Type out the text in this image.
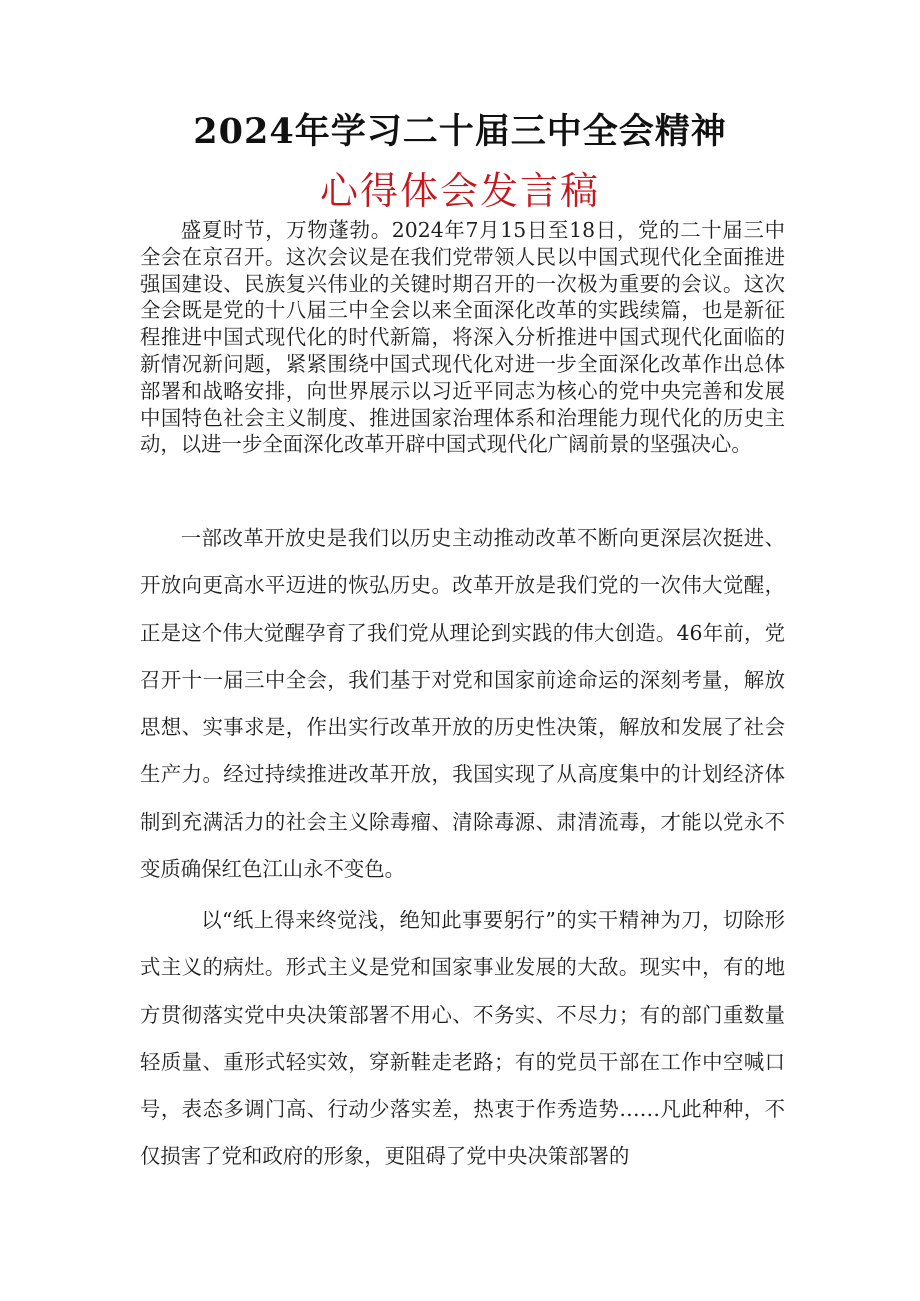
2024年学习二十届三中全会精神
心得体会发言稿

盛夏时节，万物蓬勃。2024年7月15日至18日，党的二十届三中全会在京召开。这次会议是在我们党带领人民以中国式现代化全面推进强国建设、民族复兴伟业的关键时期召开的一次极为重要的会议。这次全会既是党的十八届三中全会以来全面深化改革的实践续篇，也是新征程推进中国式现代化的时代新篇，将深入分析推进中国式现代化面临的新情况新问题，紧紧围绕中国式现代化对进一步全面深化改革作出总体部署和战略安排，向世界展示以习近平同志为核心的党中央完善和发展中国特色社会主义制度、推进国家治理体系和治理能力现代化的历史主动，以进一步全面深化改革开辟中国式现代化广阔前景的坚强决心。

一部改革开放史是我们以历史主动推动改革不断向更深层次挺进、开放向更高水平迈进的恢弘历史。改革开放是我们党的一次伟大觉醒，正是这个伟大觉醒孕育了我们党从理论到实践的伟大创造。46年前，党召开十一届三中全会，我们基于对党和国家前途命运的深刻考量，解放思想、实事求是，作出实行改革开放的历史性决策，解放和发展了社会生产力。经过持续推进改革开放，我国实现了从高度集中的计划经济体制到充满活力的社会主义除毒瘤、清除毒源、肃清流毒，才能以党永不变质确保红色江山永不变色。

以“纸上得来终觉浅，绝知此事要躬行”的实干精神为刀，切除形式主义的病灶。形式主义是党和国家事业发展的大敌。现实中，有的地方贯彻落实党中央决策部署不用心、不务实、不尽力；有的部门重数量轻质量、重形式轻实效，穿新鞋走老路；有的党员干部在工作中空喊口号，表态多调门高、行动少落实差，热衷于作秀造势……凡此种种，不仅损害了党和政府的形象，更阻碍了党中央决策部署的
